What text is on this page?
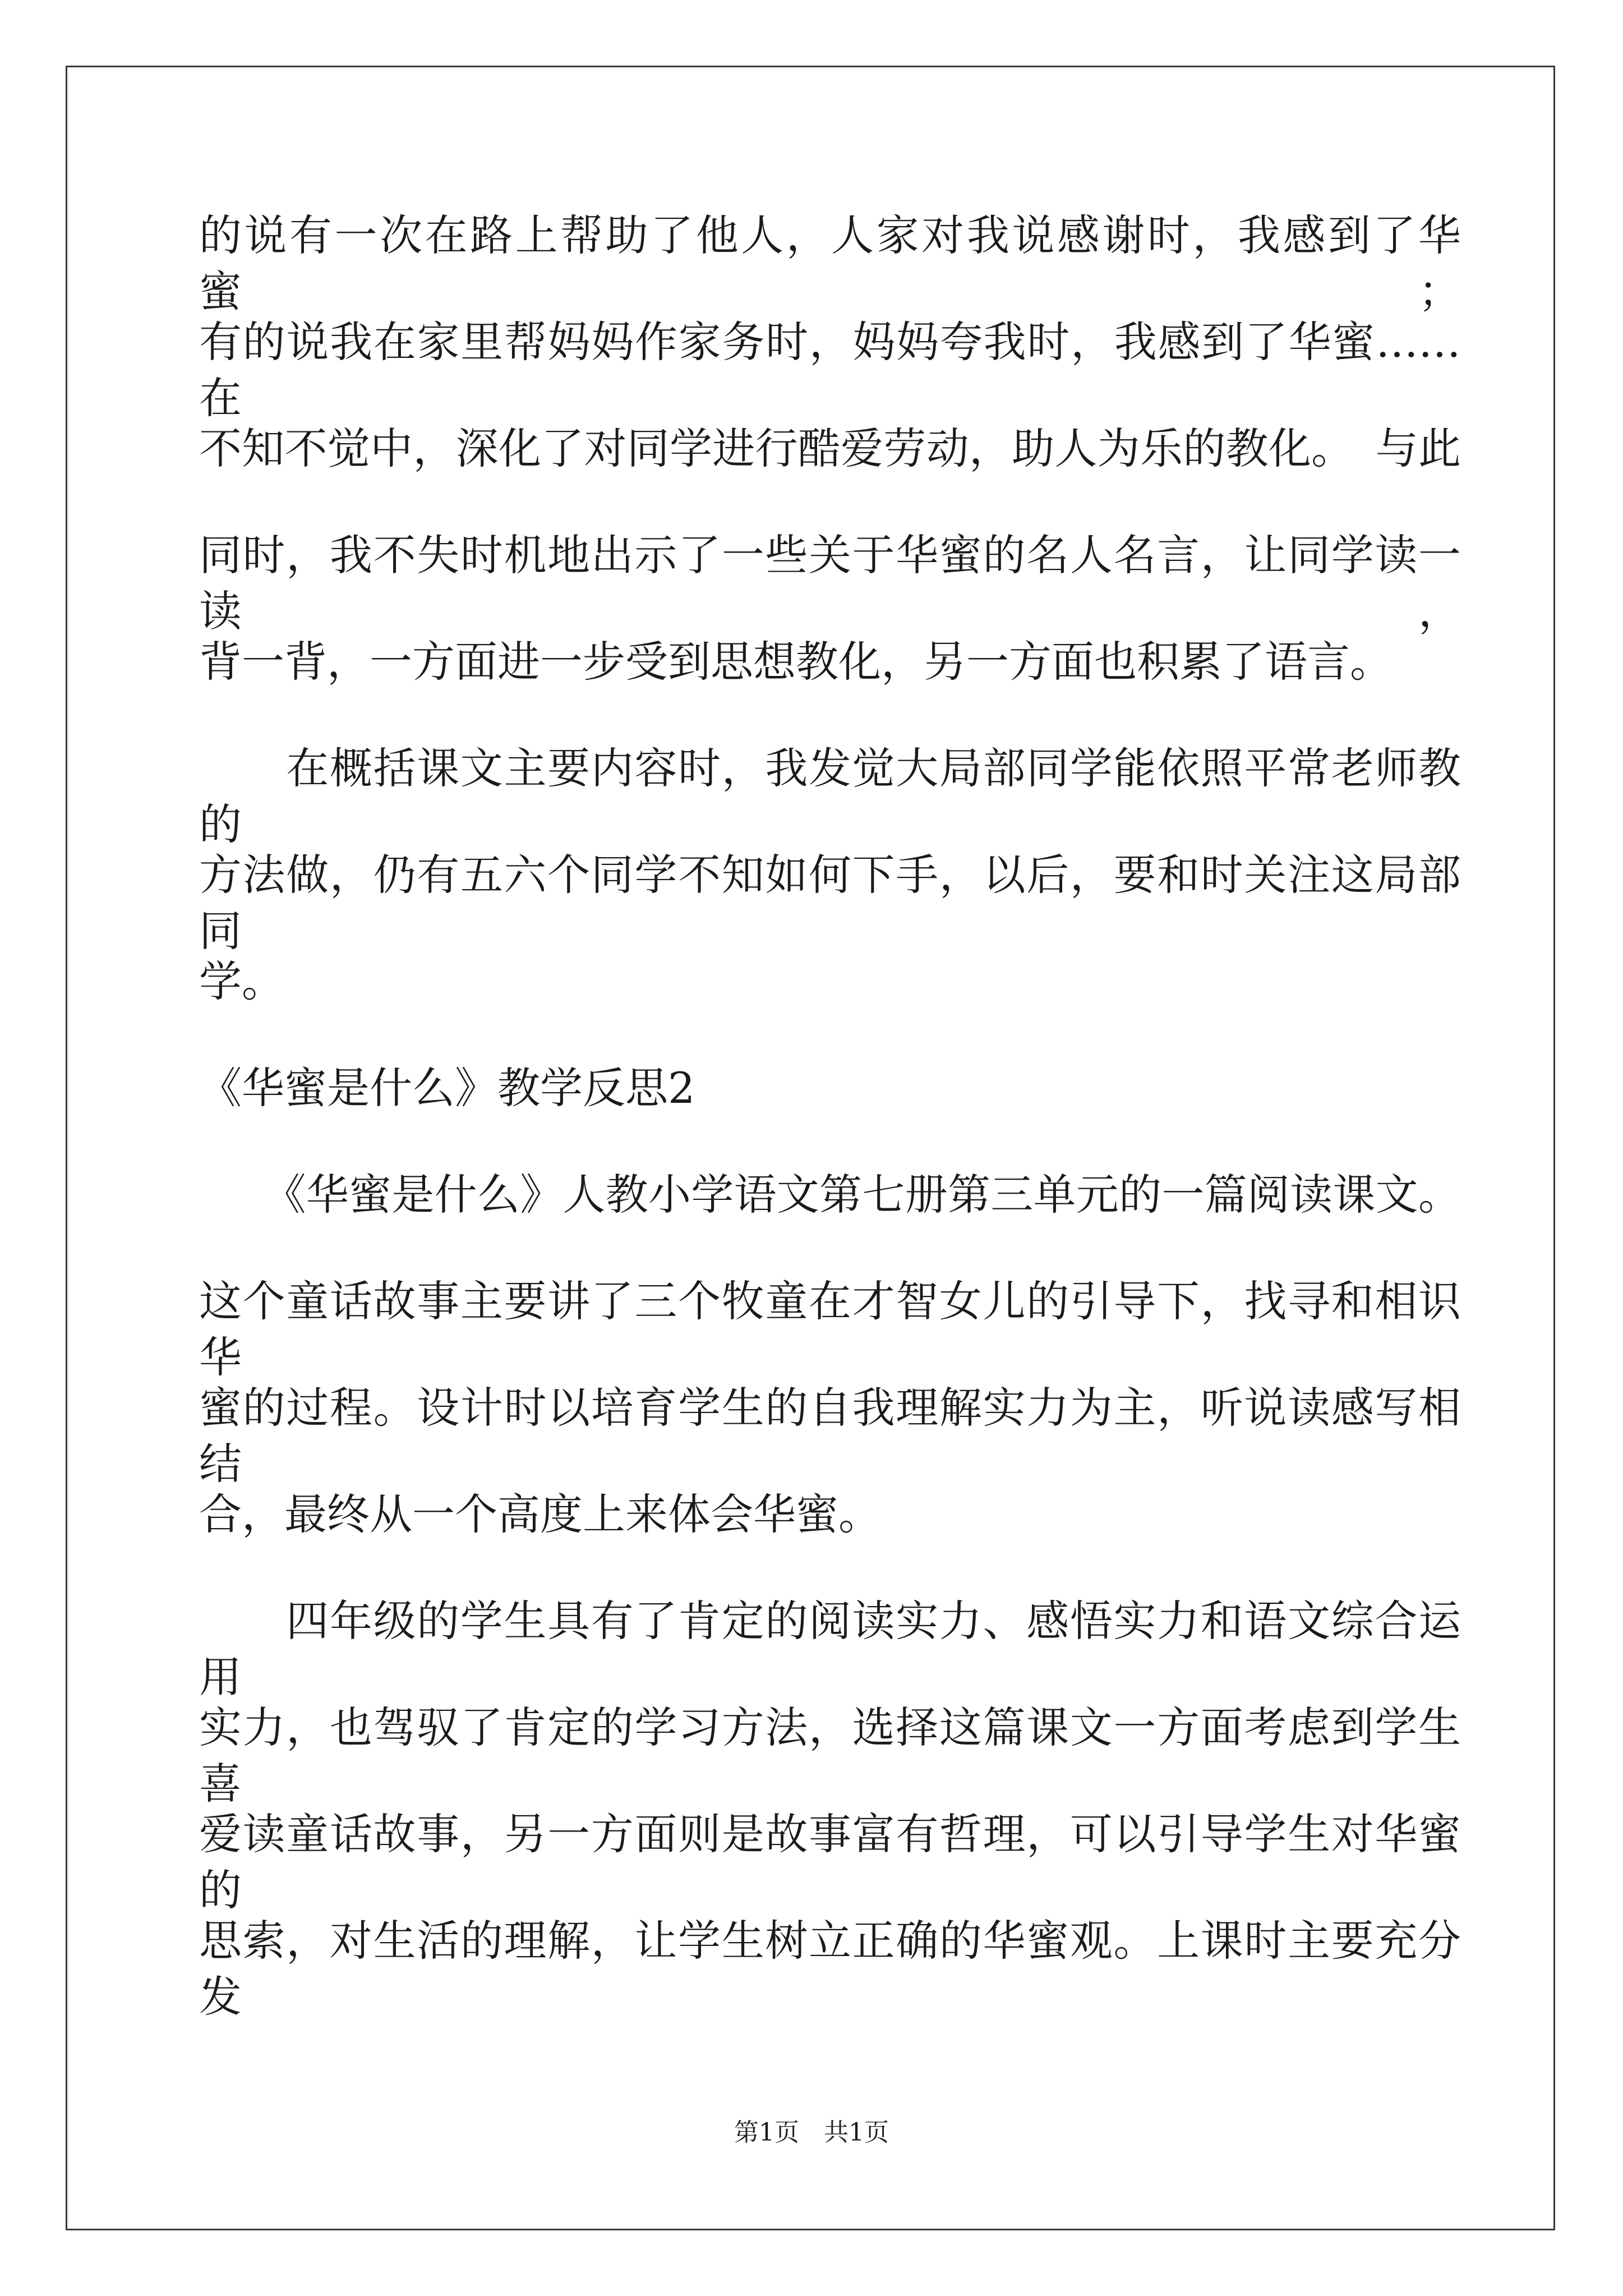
的说有一次在路上帮助了他人，人家对我说感谢时，我感到了华蜜；
有的说我在家里帮妈妈作家务时，妈妈夸我时，我感到了华蜜……在
不知不觉中，深化了对同学进行酷爱劳动，助人为乐的教化。　与此
同时，我不失时机地出示了一些关于华蜜的名人名言，让同学读一读，
背一背，一方面进一步受到思想教化，另一方面也积累了语言。
　　在概括课文主要内容时，我发觉大局部同学能依照平常老师教的
方法做，仍有五六个同学不知如何下手，以后，要和时关注这局部同
学。
《华蜜是什么》教学反思2
　　《华蜜是什么》人教小学语文第七册第三单元的一篇阅读课文。
这个童话故事主要讲了三个牧童在才智女儿的引导下，找寻和相识华
蜜的过程。设计时以培育学生的自我理解实力为主，听说读感写相结
合，最终从一个高度上来体会华蜜。
　　四年级的学生具有了肯定的阅读实力、感悟实力和语文综合运用
实力，也驾驭了肯定的学习方法，选择这篇课文一方面考虑到学生喜
爱读童话故事，另一方面则是故事富有哲理，可以引导学生对华蜜的
思索，对生活的理解，让学生树立正确的华蜜观。上课时主要充分发
第1页　共1页
